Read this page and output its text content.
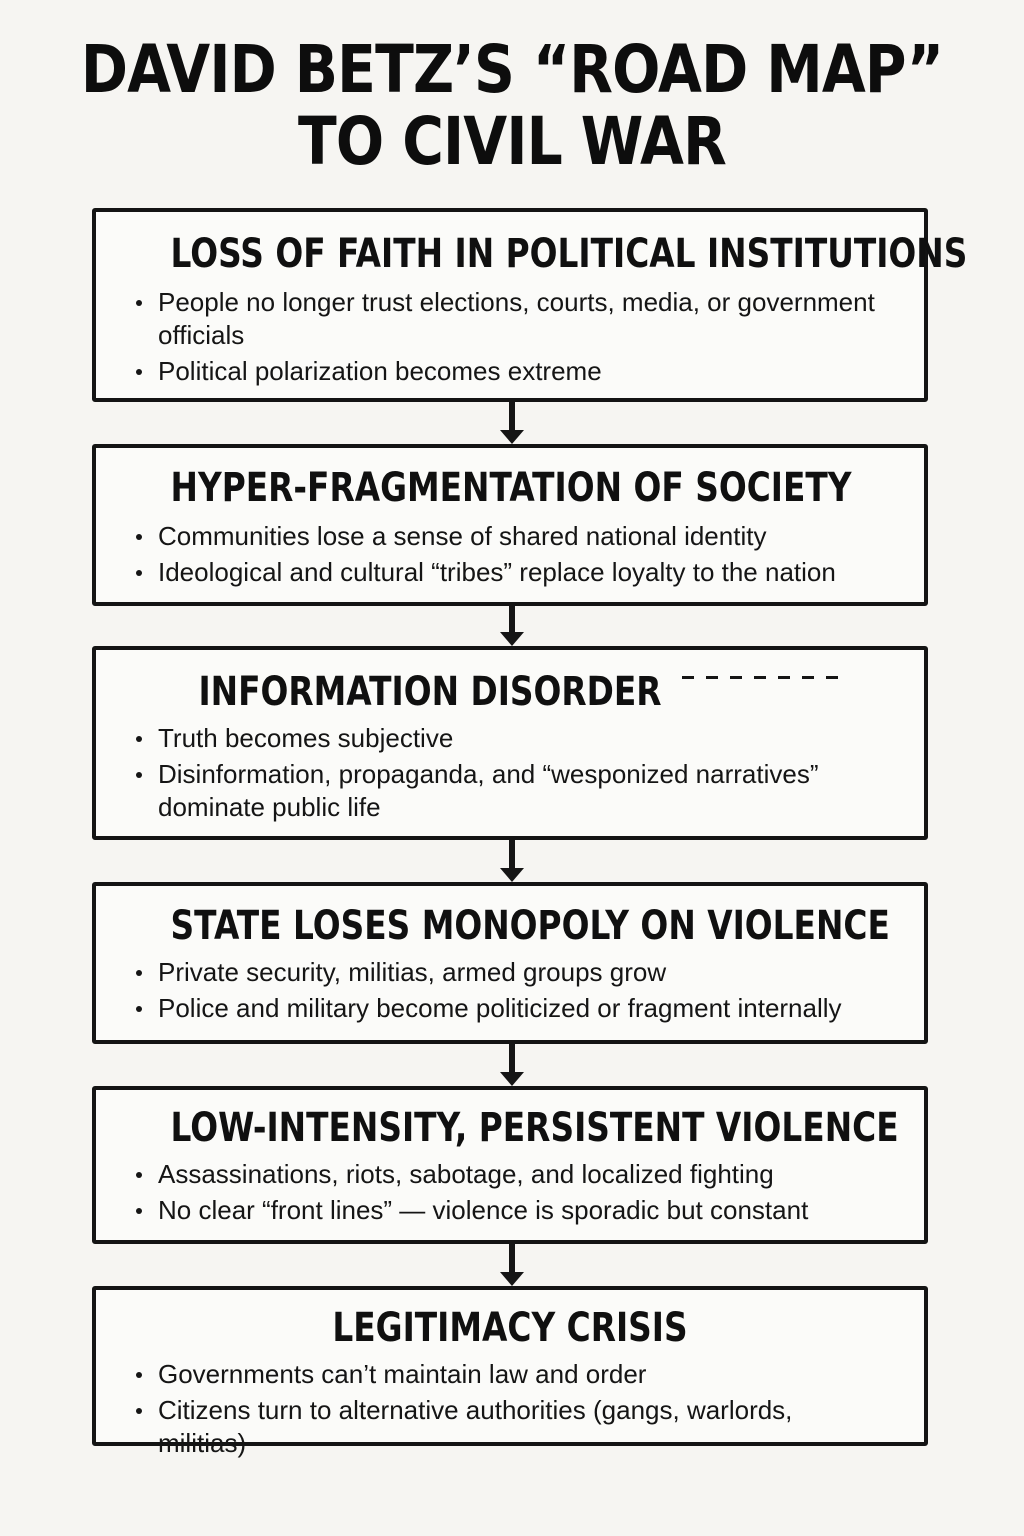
DAVID BETZ’S “ROAD MAP”
TO CIVIL WAR
LOSS OF FAITH IN POLITICAL INSTITUTIONS
People no longer trust elections, courts, media, or government officials
Political polarization becomes extreme
HYPER-FRAGMENTATION OF SOCIETY
Communities lose a sense of shared national identity
Ideological and cultural “tribes” replace loyalty to the nation
INFORMATION DISORDER
Truth becomes subjective
Disinformation, propaganda, and “wesponized narratives” dominate public life
STATE LOSES MONOPOLY ON VIOLENCE
Private security, militias, armed groups grow
Police and military become politicized or fragment internally
LOW-INTENSITY, PERSISTENT VIOLENCE
Assassinations, riots, sabotage, and localized fighting
No clear “front lines” — violence is sporadic but constant
LEGITIMACY CRISIS
Governments can’t maintain law and order
Citizens turn to alternative authorities (gangs, warlords, militias)
